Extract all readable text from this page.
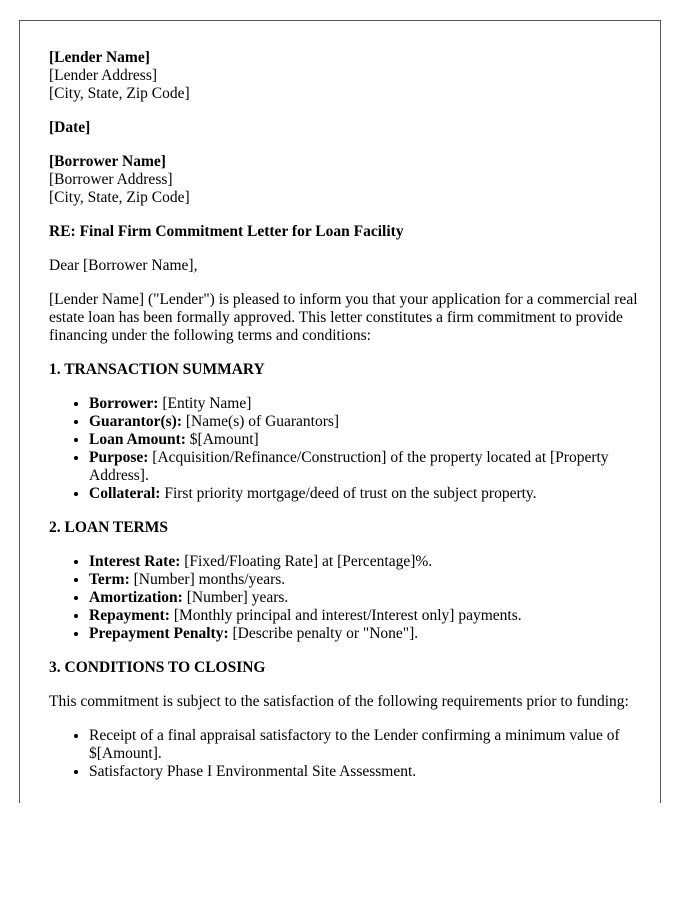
[Lender Name]
[Lender Address]
[City, State, Zip Code]

[Date]

[Borrower Name]
[Borrower Address]
[City, State, Zip Code]

RE: Final Firm Commitment Letter for Loan Facility

Dear [Borrower Name],

[Lender Name] ("Lender") is pleased to inform you that your application for a commercial real estate loan has been formally approved. This letter constitutes a firm commitment to provide financing under the following terms and conditions:

1. TRANSACTION SUMMARY
• Borrower: [Entity Name]
• Guarantor(s): [Name(s) of Guarantors]
• Loan Amount: $[Amount]
• Purpose: [Acquisition/Refinance/Construction] of the property located at [Property Address].
• Collateral: First priority mortgage/deed of trust on the subject property.
2. LOAN TERMS
• Interest Rate: [Fixed/Floating Rate] at [Percentage]%.
• Term: [Number] months/years.
• Amortization: [Number] years.
• Repayment: [Monthly principal and interest/Interest only] payments.
• Prepayment Penalty: [Describe penalty or "None"].
3. CONDITIONS TO CLOSING

This commitment is subject to the satisfaction of the following requirements prior to funding:

• Receipt of a final appraisal satisfactory to the Lender confirming a minimum value of $[Amount].
• Satisfactory Phase I Environmental Site Assessment.
